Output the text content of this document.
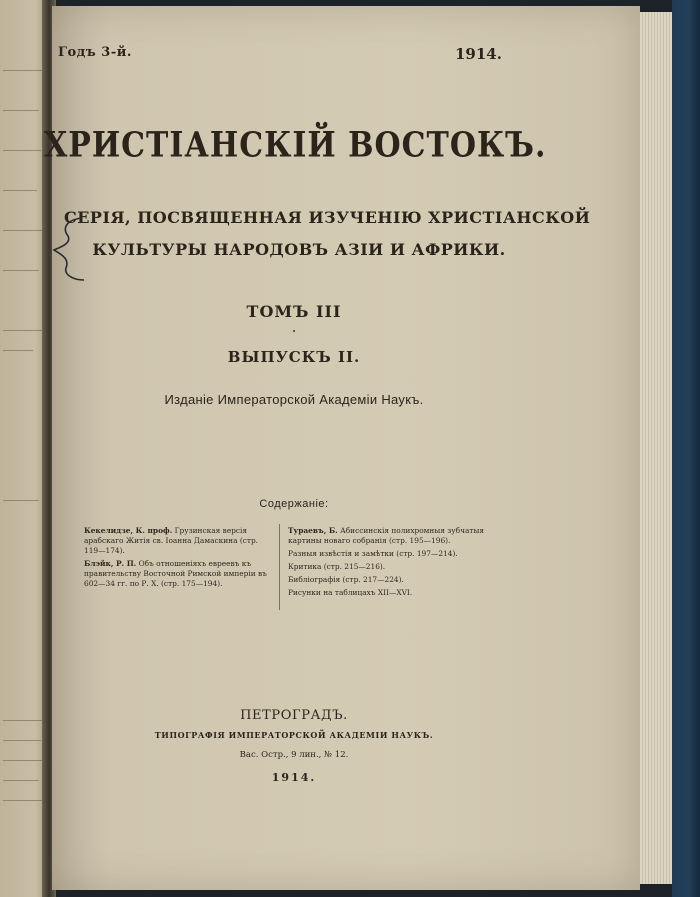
Годъ 3-й.	1914.
ХРИСТІАНСКІЙ ВОСТОКЪ.
СЕРІЯ, ПОСВЯЩЕННАЯ ИЗУЧЕНІЮ ХРИСТІАНСКОЙ
КУЛЬТУРЫ НАРОДОВЪ АЗІИ И АФРИКИ.
ТОМЪ III
ВЫПУСКЪ II.
Изданіе Императорской Академіи Наукъ.
Содержаніе:
Кекелидзе, К. проф. Грузинская версія арабскаго Житія св. Іоанна Дамаскина (стр. 119—174).
Блэйк, Р. П. Объ отношеніяхъ евреевъ къ правительству Восточной Римской имперіи въ 602—34 гг. по Р. Х. (стр. 175—194).
Тураевъ, Б. Абиссинскія полихромныя зубчатыя картины новаго собранія (стр. 195—196).
Разныя извѣстія и замѣтки (стр. 197—214).
Критика (стр. 215—216).
Библіографія (стр. 217—224).
Рисунки на таблицахъ XII—XVI.
ПЕТРОГРАДЪ.
ТИПОГРАФІЯ ИМПЕРАТОРСКОЙ АКАДЕМІИ НАУКЪ.
Вас. Остр., 9 лин., № 12.
1914.
